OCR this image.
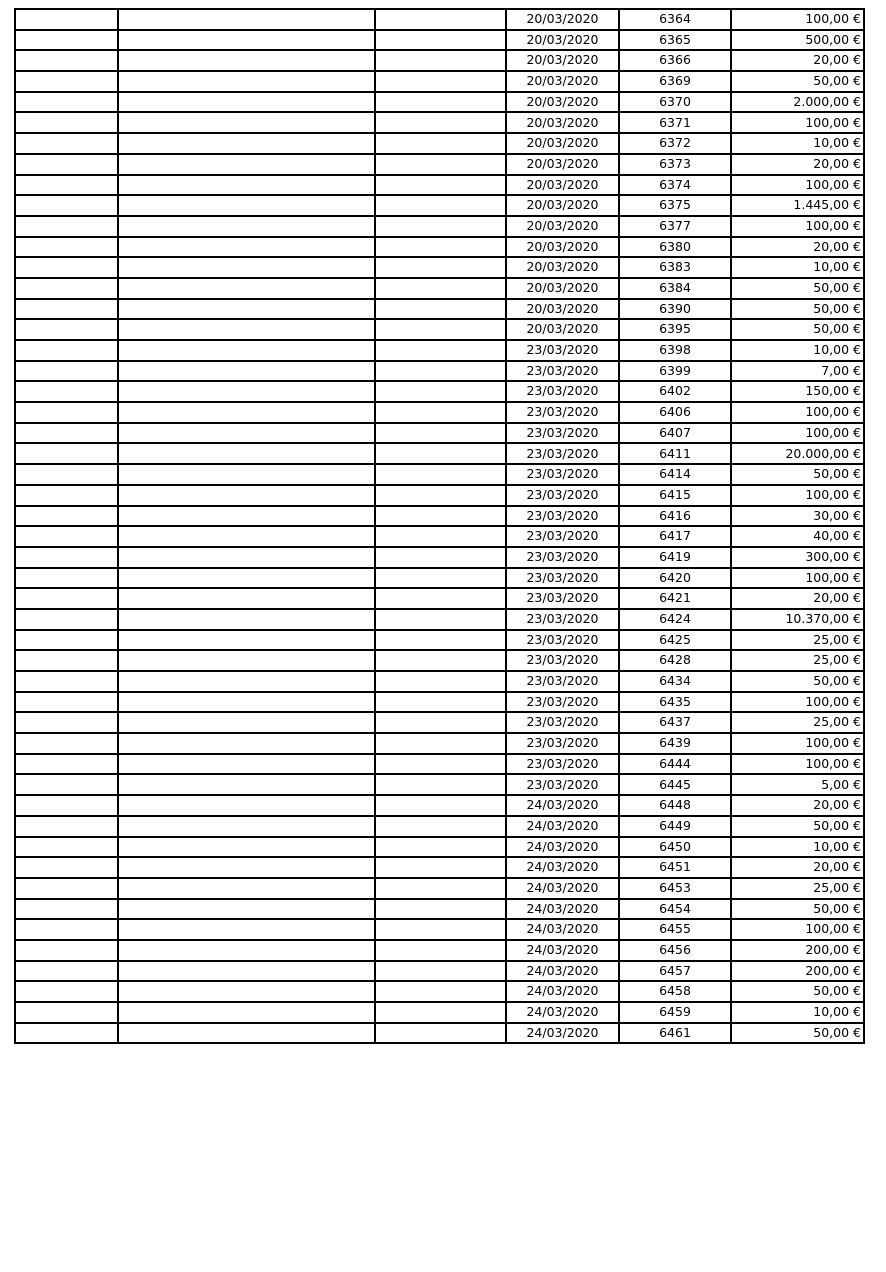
			20/03/2020	6364	100,00 €
			20/03/2020	6365	500,00 €
			20/03/2020	6366	20,00 €
			20/03/2020	6369	50,00 €
			20/03/2020	6370	2.000,00 €
			20/03/2020	6371	100,00 €
			20/03/2020	6372	10,00 €
			20/03/2020	6373	20,00 €
			20/03/2020	6374	100,00 €
			20/03/2020	6375	1.445,00 €
			20/03/2020	6377	100,00 €
			20/03/2020	6380	20,00 €
			20/03/2020	6383	10,00 €
			20/03/2020	6384	50,00 €
			20/03/2020	6390	50,00 €
			20/03/2020	6395	50,00 €
			23/03/2020	6398	10,00 €
			23/03/2020	6399	7,00 €
			23/03/2020	6402	150,00 €
			23/03/2020	6406	100,00 €
			23/03/2020	6407	100,00 €
			23/03/2020	6411	20.000,00 €
			23/03/2020	6414	50,00 €
			23/03/2020	6415	100,00 €
			23/03/2020	6416	30,00 €
			23/03/2020	6417	40,00 €
			23/03/2020	6419	300,00 €
			23/03/2020	6420	100,00 €
			23/03/2020	6421	20,00 €
			23/03/2020	6424	10.370,00 €
			23/03/2020	6425	25,00 €
			23/03/2020	6428	25,00 €
			23/03/2020	6434	50,00 €
			23/03/2020	6435	100,00 €
			23/03/2020	6437	25,00 €
			23/03/2020	6439	100,00 €
			23/03/2020	6444	100,00 €
			23/03/2020	6445	5,00 €
			24/03/2020	6448	20,00 €
			24/03/2020	6449	50,00 €
			24/03/2020	6450	10,00 €
			24/03/2020	6451	20,00 €
			24/03/2020	6453	25,00 €
			24/03/2020	6454	50,00 €
			24/03/2020	6455	100,00 €
			24/03/2020	6456	200,00 €
			24/03/2020	6457	200,00 €
			24/03/2020	6458	50,00 €
			24/03/2020	6459	10,00 €
			24/03/2020	6461	50,00 €
